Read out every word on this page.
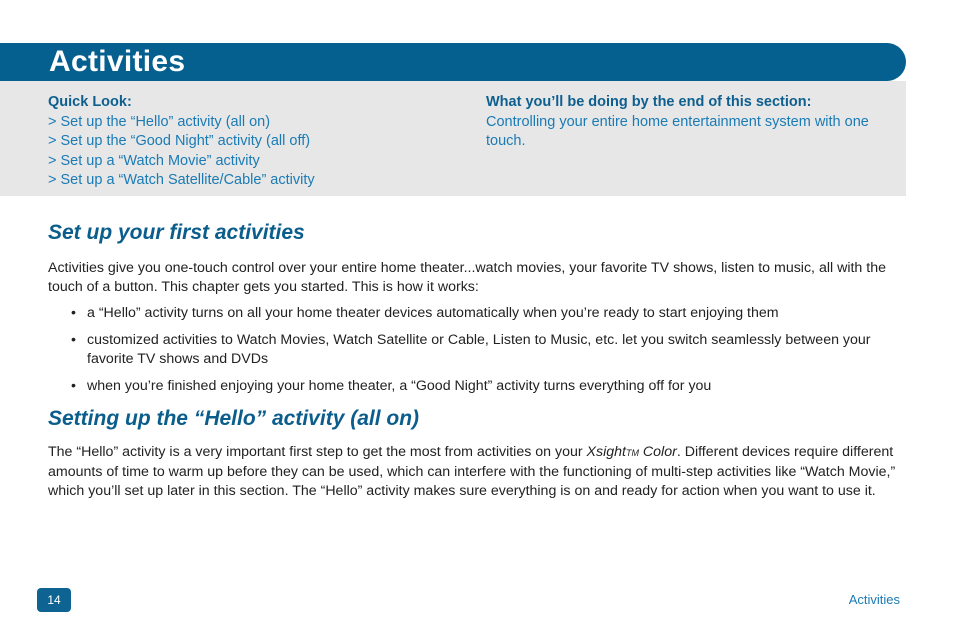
Activities
Quick Look:
> Set up the “Hello” activity (all on)
> Set up the “Good Night” activity (all off)
> Set up a “Watch Movie” activity
> Set up a “Watch Satellite/Cable” activity
What you’ll be doing by the end of this section:
Controlling your entire home entertainment system with one touch.
Set up your first activities

Activities give you one-touch control over your entire home theater...watch movies, your favorite TV shows, listen to music, all with the touch of a button. This chapter gets you started. This is how it works:

• a “Hello” activity turns on all your home theater devices automatically when you’re ready to start enjoying them
• customized activities to Watch Movies, Watch Satellite or Cable, Listen to Music, etc. let you switch seamlessly between your favorite TV shows and DVDs
• when you’re finished enjoying your home theater, a “Good Night” activity turns everything off for you
Setting up the “Hello” activity (all on)

The “Hello” activity is a very important first step to get the most from activities on your XsightTM Color. Different devices require different amounts of time to warm up before they can be used, which can interfere with the functioning of multi-step activities like “Watch Movie,” which you’ll set up later in this section. The “Hello” activity makes sure everything is on and ready for action when you want to use it.

14	Activities
